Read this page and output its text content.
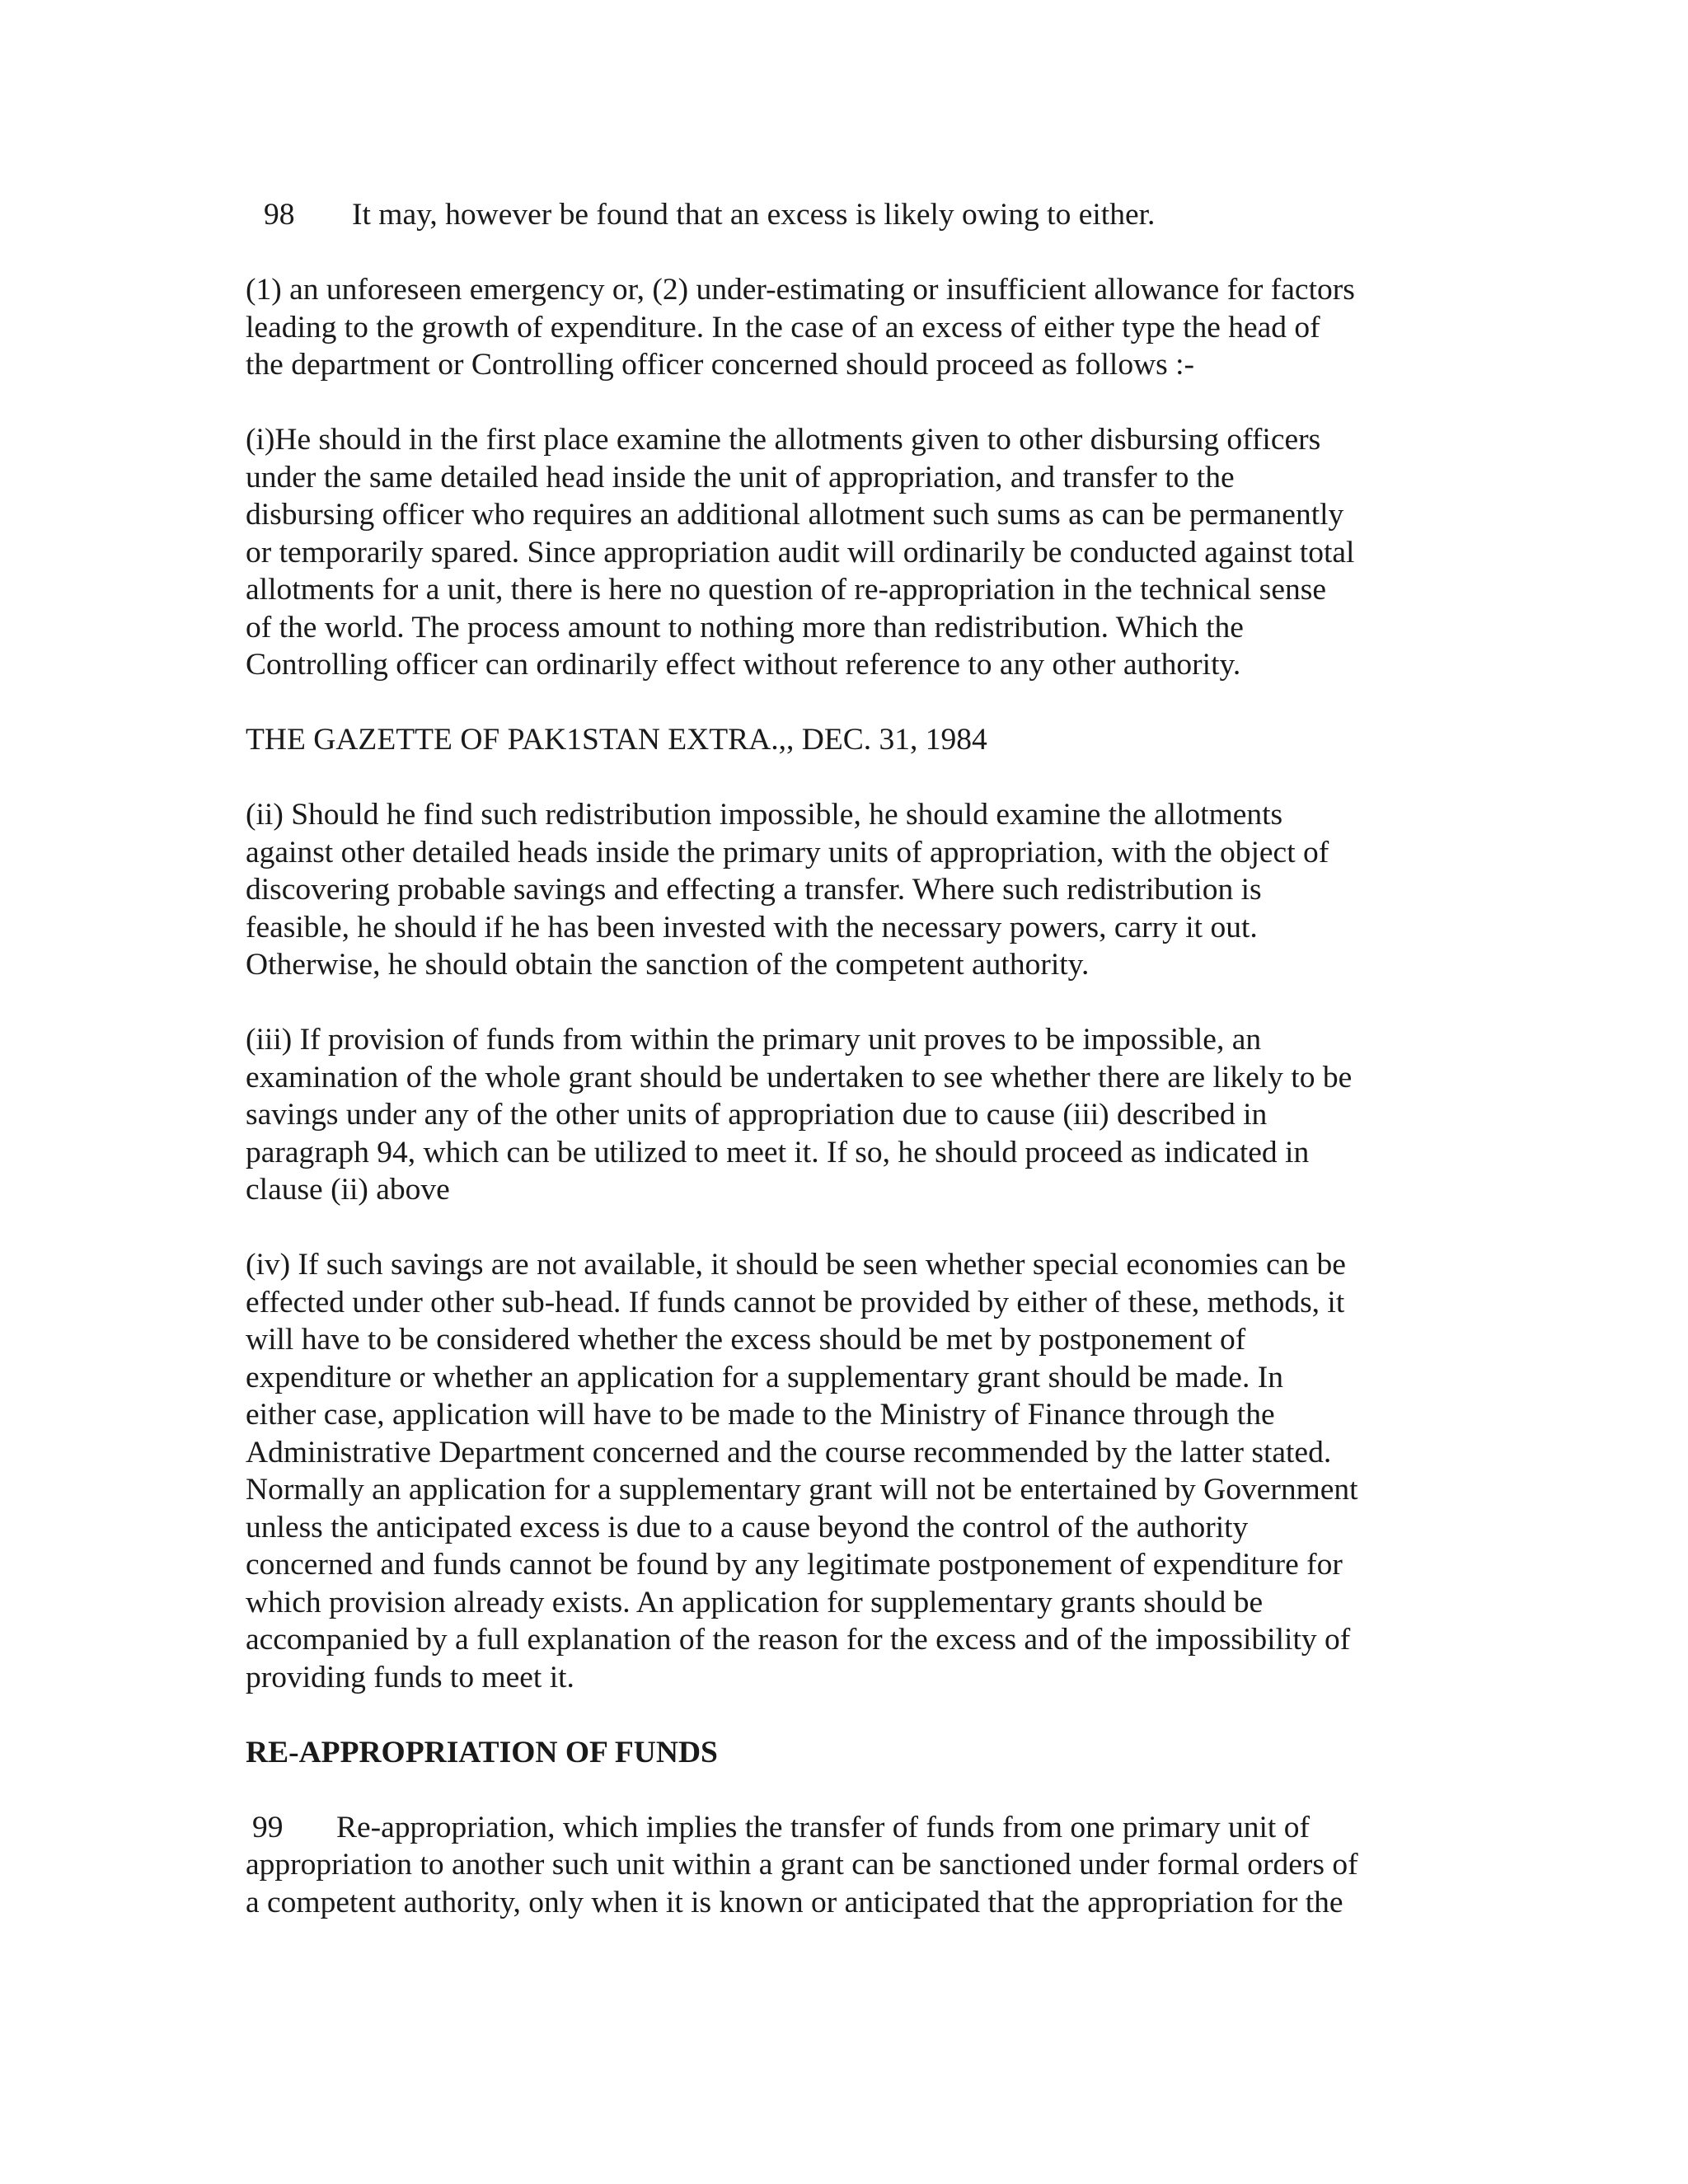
98 It may, however be found that an excess is likely owing to either.

(1) an unforeseen emergency or, (2) under-estimating or insufficient allowance for factors
leading to the growth of expenditure. In the case of an excess of either type the head of
the department or Controlling officer concerned should proceed as follows :-

(i)He should in the first place examine the allotments given to other disbursing officers
under the same detailed head inside the unit of appropriation, and transfer to the
disbursing officer who requires an additional allotment such sums as can be permanently
or temporarily spared. Since appropriation audit will ordinarily be conducted against total
allotments for a unit, there is here no question of re-appropriation in the technical sense
of the world. The process amount to nothing more than redistribution. Which the
Controlling officer can ordinarily effect without reference to any other authority.

THE GAZETTE OF PAK1STAN EXTRA.,, DEC. 31, 1984

(ii) Should he find such redistribution impossible, he should examine the allotments
against other detailed heads inside the primary units of appropriation, with the object of
discovering probable savings and effecting a transfer. Where such redistribution is
feasible, he should if he has been invested with the necessary powers, carry it out.
Otherwise, he should obtain the sanction of the competent authority.

(iii) If provision of funds from within the primary unit proves to be impossible, an
examination of the whole grant should be undertaken to see whether there are likely to be
savings under any of the other units of appropriation due to cause (iii) described in
paragraph 94, which can be utilized to meet it. If so, he should proceed as indicated in
clause (ii) above

(iv) If such savings are not available, it should be seen whether special economies can be
effected under other sub-head. If funds cannot be provided by either of these, methods, it
will have to be considered whether the excess should be met by postponement of
expenditure or whether an application for a supplementary grant should be made. In
either case, application will have to be made to the Ministry of Finance through the
Administrative Department concerned and the course recommended by the latter stated.
Normally an application for a supplementary grant will not be entertained by Government
unless the anticipated excess is due to a cause beyond the control of the authority
concerned and funds cannot be found by any legitimate postponement of expenditure for
which provision already exists. An application for supplementary grants should be
accompanied by a full explanation of the reason for the excess and of the impossibility of
providing funds to meet it.

RE-APPROPRIATION OF FUNDS

99 Re-appropriation, which implies the transfer of funds from one primary unit of
appropriation to another such unit within a grant can be sanctioned under formal orders of
a competent authority, only when it is known or anticipated that the appropriation for the
